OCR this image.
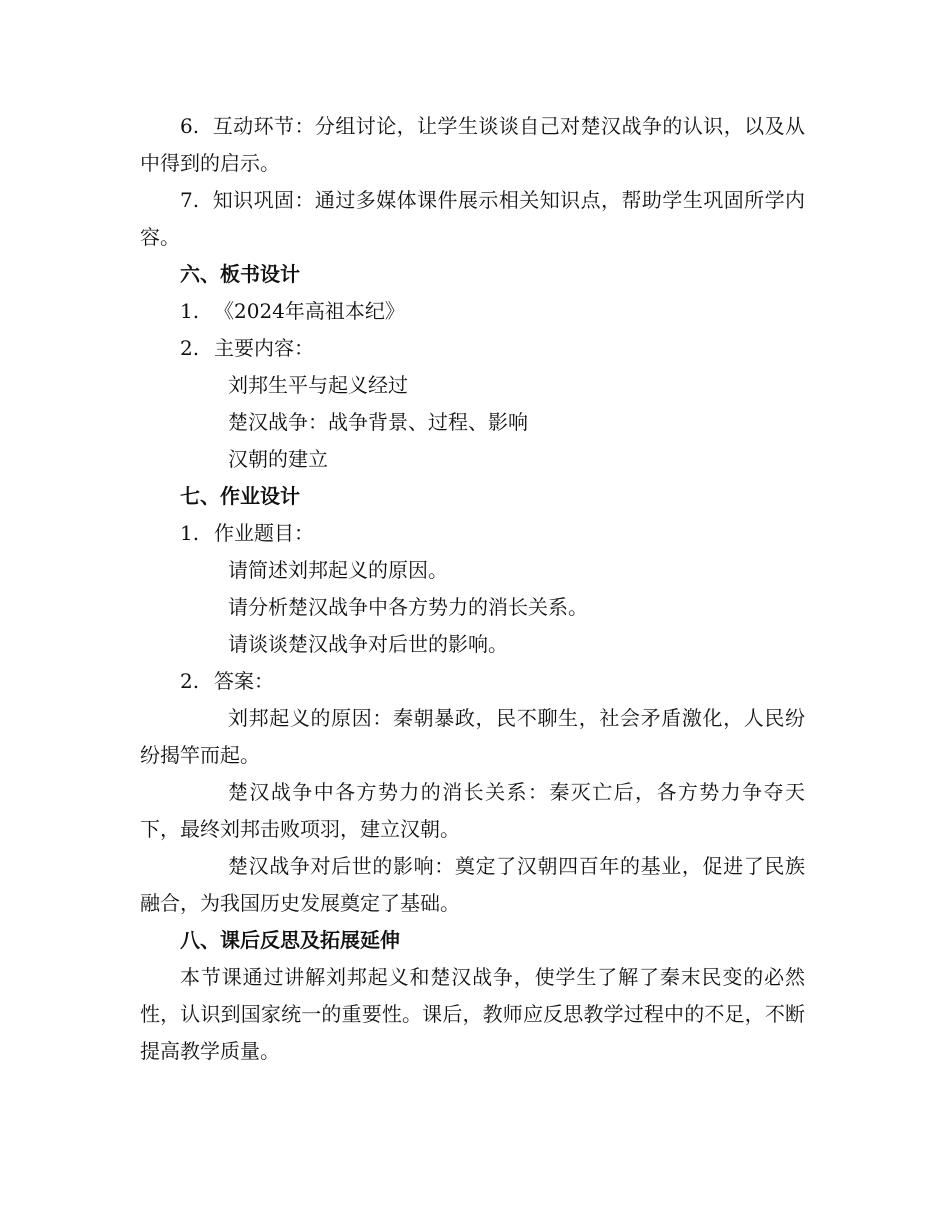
6. 互动环节：分组讨论，让学生谈谈自己对楚汉战争的认识，以及从中得到的启示。

7. 知识巩固：通过多媒体课件展示相关知识点，帮助学生巩固所学内容。

六、板书设计

1. 《2024年高祖本纪》

2. 主要内容：

刘邦生平与起义经过

楚汉战争：战争背景、过程、影响

汉朝的建立

七、作业设计

1. 作业题目：

请简述刘邦起义的原因。

请分析楚汉战争中各方势力的消长关系。

请谈谈楚汉战争对后世的影响。

2. 答案：

刘邦起义的原因：秦朝暴政，民不聊生，社会矛盾激化，人民纷纷揭竿而起。

楚汉战争中各方势力的消长关系：秦灭亡后，各方势力争夺天下，最终刘邦击败项羽，建立汉朝。

楚汉战争对后世的影响：奠定了汉朝四百年的基业，促进了民族融合，为我国历史发展奠定了基础。

八、课后反思及拓展延伸

本节课通过讲解刘邦起义和楚汉战争，使学生了解了秦末民变的必然性，认识到国家统一的重要性。课后，教师应反思教学过程中的不足，不断提高教学质量。
